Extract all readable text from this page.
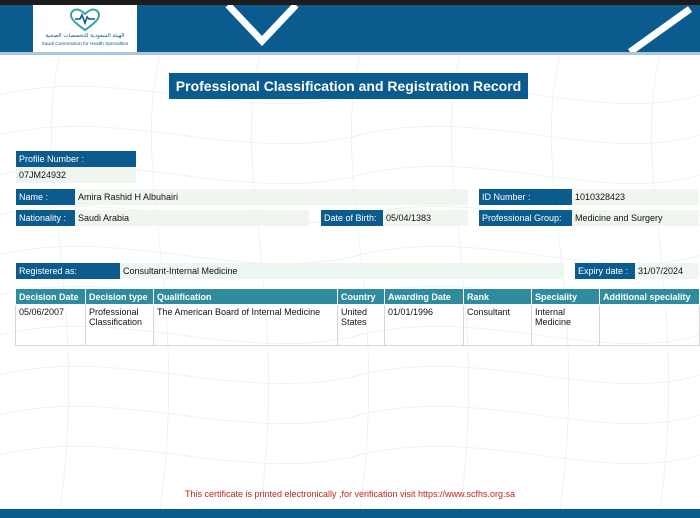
الهيئة السعودية للتخصصات الصحية
Saudi Commission for Health Specialties
Professional Classification and Registration Record
Profile Number :
07JM24932
Name :	Amira Rashid H Albuhairi	ID Number :	1010328423
Nationality :	Saudi Arabia	Date of Birth:	05/04/1383	Professional Group:	Medicine and Surgery
Registered as:	Consultant-Internal Medicine	Expiry date :	31/07/2024
Decision Date	Decision type	Qualification	Country	Awarding Date	Rank	Speciality	Additional speciality
05/06/2007	Professional Classification	The American Board of Internal Medicine	United States	01/01/1996	Consultant	Internal Medicine	
This certificate is printed electronically ,for verification visit https://www.scfhs.org.sa
